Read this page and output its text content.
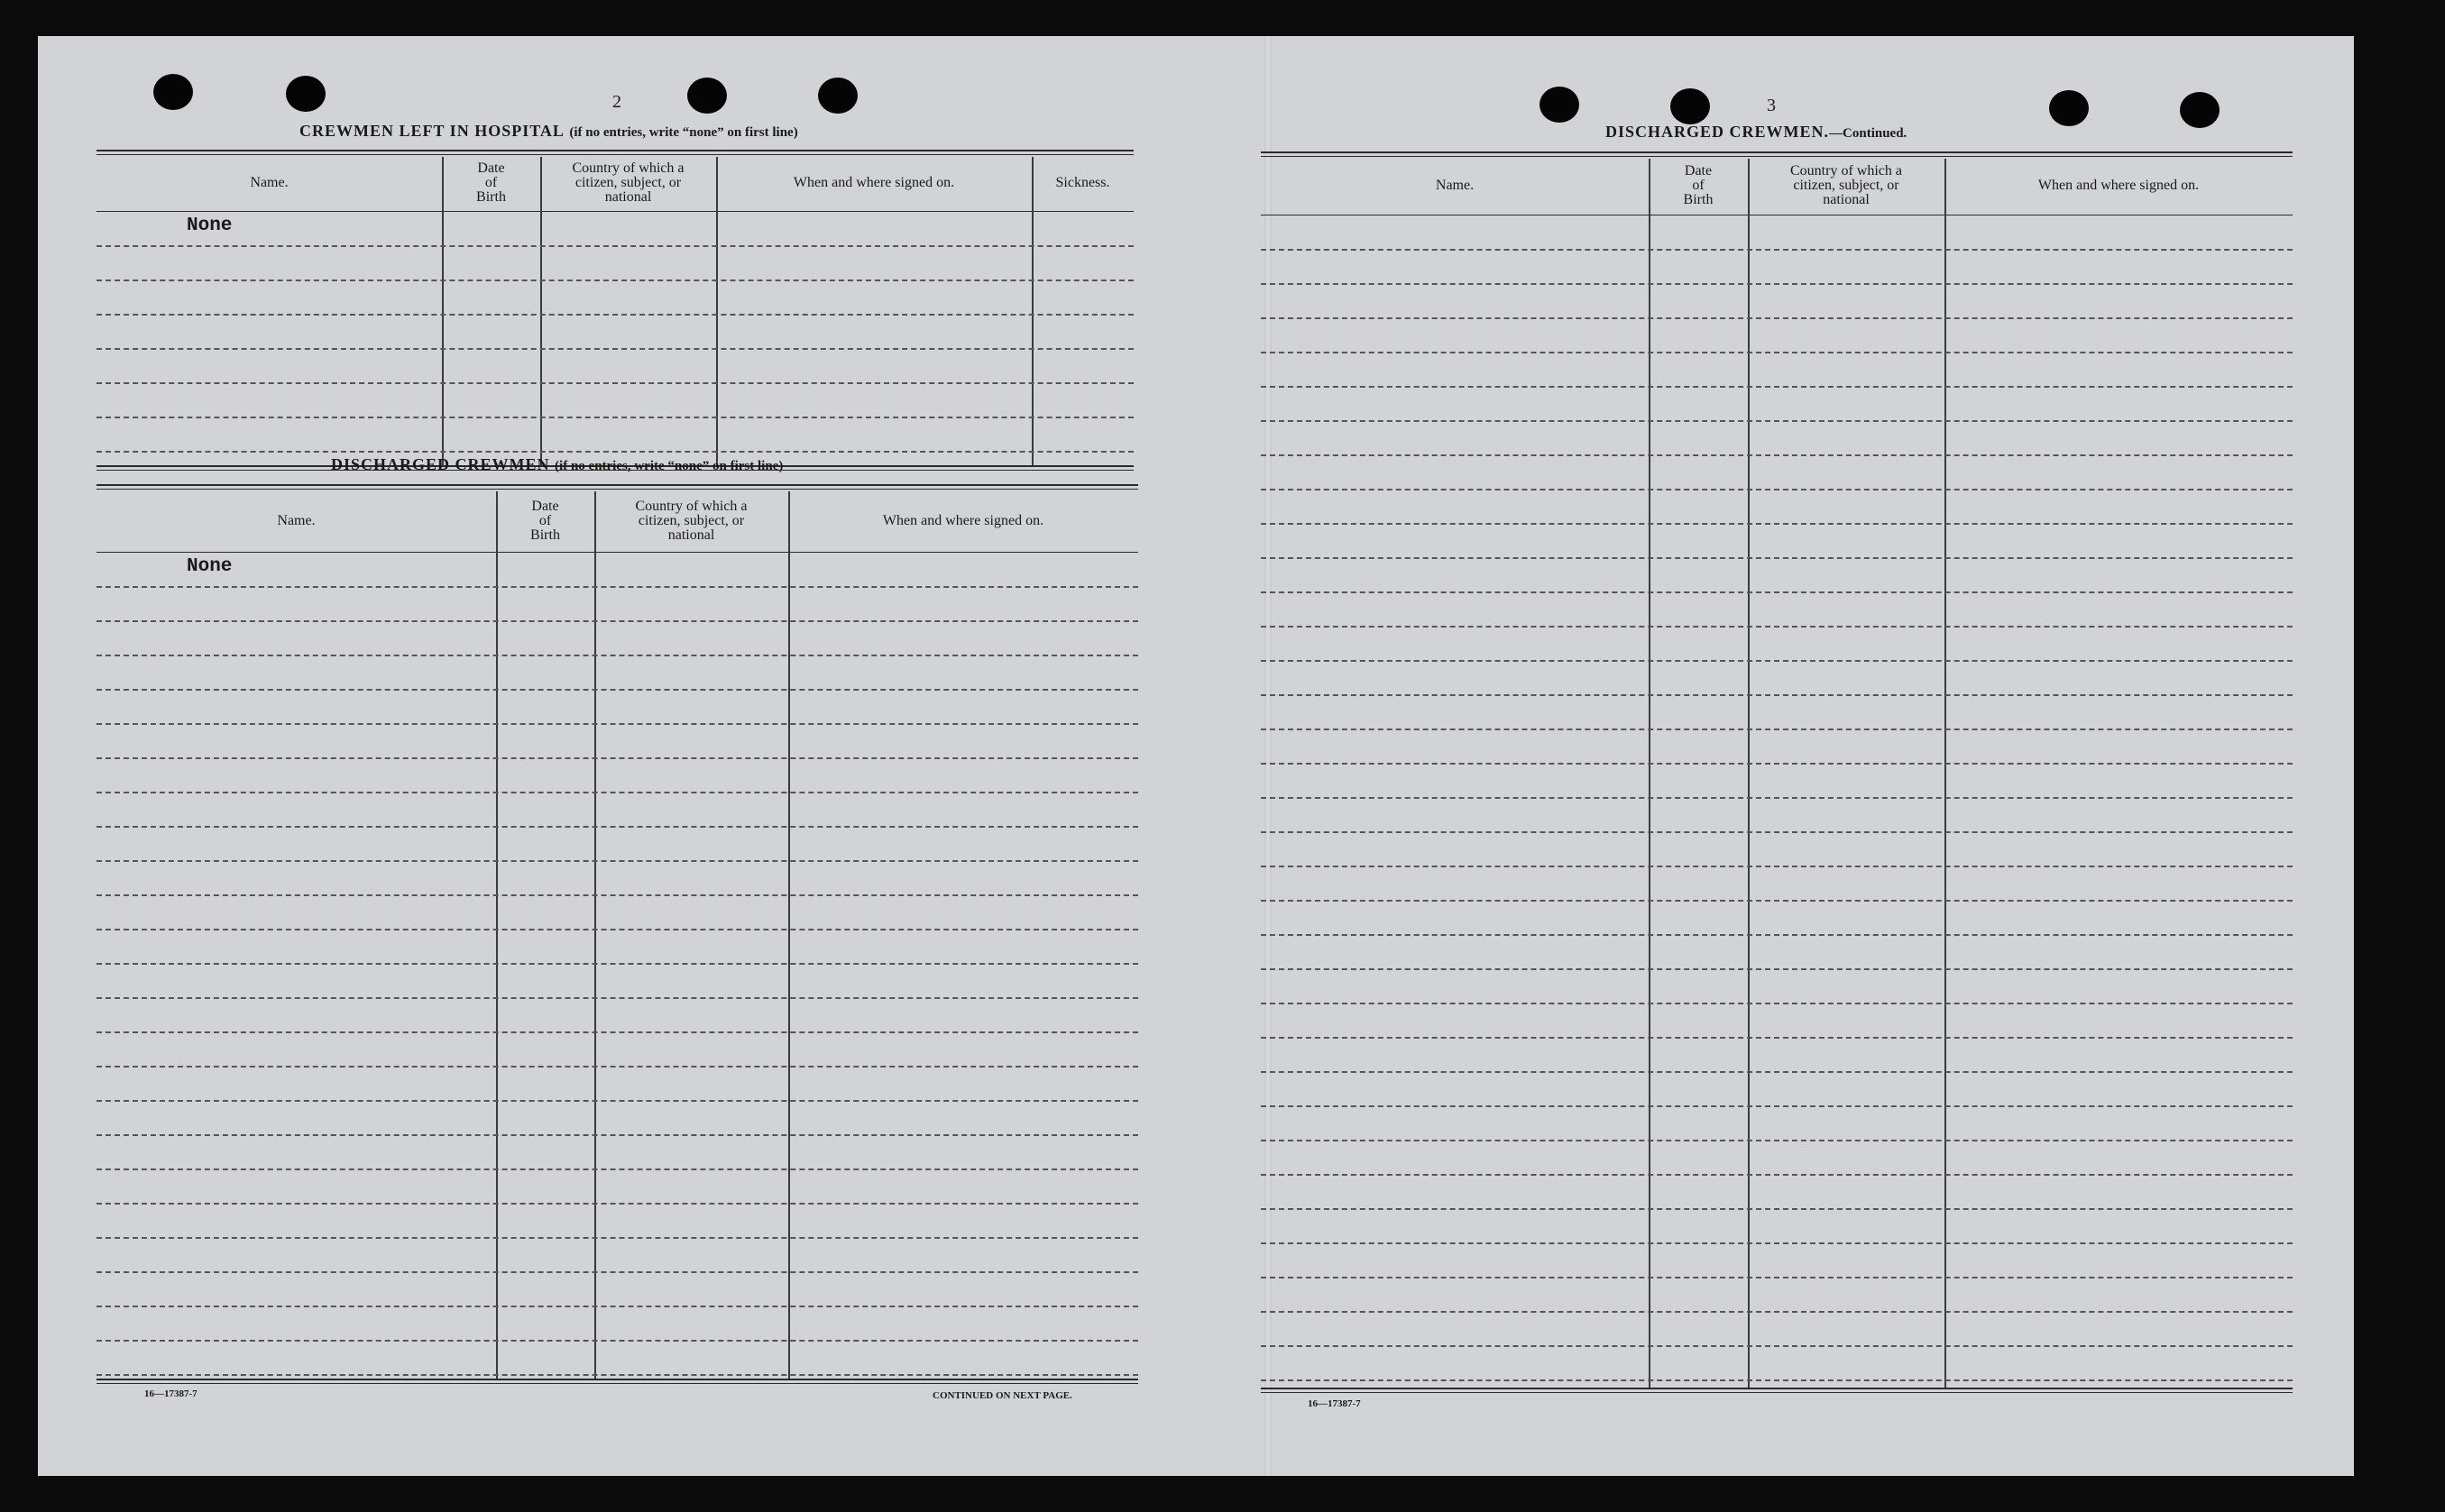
2
CREWMEN LEFT IN HOSPITAL (if no entries, write “none” on first line)
Name.
Date
of
Birth
Country of which a
citizen, subject, or
national
When and where signed on.	Sickness.
None
DISCHARGED CREWMEN (if no entries, write “none” on first line)
Name.
Date
of
Birth
Country of which a
citizen, subject, or
national
When and where signed on.
None
16—17387-7	CONTINUED ON NEXT PAGE.
3
DISCHARGED CREWMEN.—Continued.
Name.
Date
of
Birth
Country of which a
citizen, subject, or
national
When and where signed on.
16—17387-7
